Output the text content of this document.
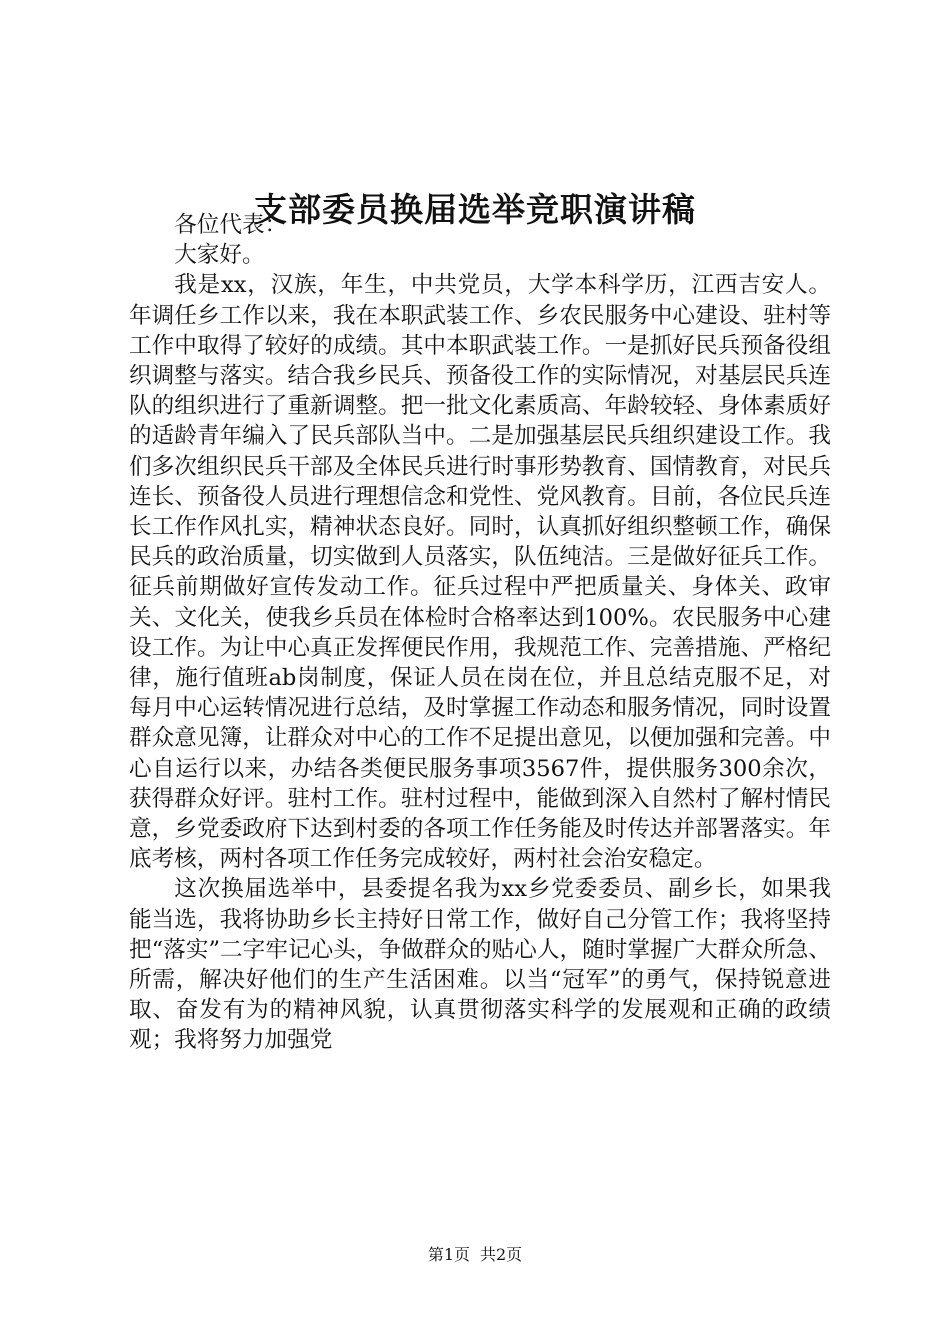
支部委员换届选举竞职演讲稿

各位代表：

大家好。

我是xx，汉族，年生，中共党员，大学本科学历，江西吉安人。年调任乡工作以来，我在本职武装工作、乡农民服务中心建设、驻村等工作中取得了较好的成绩。其中本职武装工作。一是抓好民兵预备役组织调整与落实。结合我乡民兵、预备役工作的实际情况，对基层民兵连队的组织进行了重新调整。把一批文化素质高、年龄较轻、身体素质好的适龄青年编入了民兵部队当中。二是加强基层民兵组织建设工作。我们多次组织民兵干部及全体民兵进行时事形势教育、国情教育，对民兵连长、预备役人员进行理想信念和党性、党风教育。目前，各位民兵连长工作作风扎实，精神状态良好。同时，认真抓好组织整顿工作，确保民兵的政治质量，切实做到人员落实，队伍纯洁。三是做好征兵工作。征兵前期做好宣传发动工作。征兵过程中严把质量关、身体关、政审关、文化关，使我乡兵员在体检时合格率达到100%。农民服务中心建设工作。为让中心真正发挥便民作用，我规范工作、完善措施、严格纪律，施行值班ab岗制度，保证人员在岗在位，并且总结克服不足，对每月中心运转情况进行总结，及时掌握工作动态和服务情况，同时设置群众意见簿，让群众对中心的工作不足提出意见，以便加强和完善。中心自运行以来，办结各类便民服务事项3567件，提供服务300余次，获得群众好评。驻村工作。驻村过程中，能做到深入自然村了解村情民意，乡党委政府下达到村委的各项工作任务能及时传达并部署落实。年底考核，两村各项工作任务完成较好，两村社会治安稳定。

这次换届选举中，县委提名我为xx乡党委委员、副乡长，如果我能当选，我将协助乡长主持好日常工作，做好自己分管工作；我将坚持把“落实”二字牢记心头，争做群众的贴心人，随时掌握广大群众所急、所需，解决好他们的生产生活困难。以当“冠军”的勇气，保持锐意进取、奋发有为的精神风貌，认真贯彻落实科学的发展观和正确的政绩观；我将努力加强党

第1页 共2页
